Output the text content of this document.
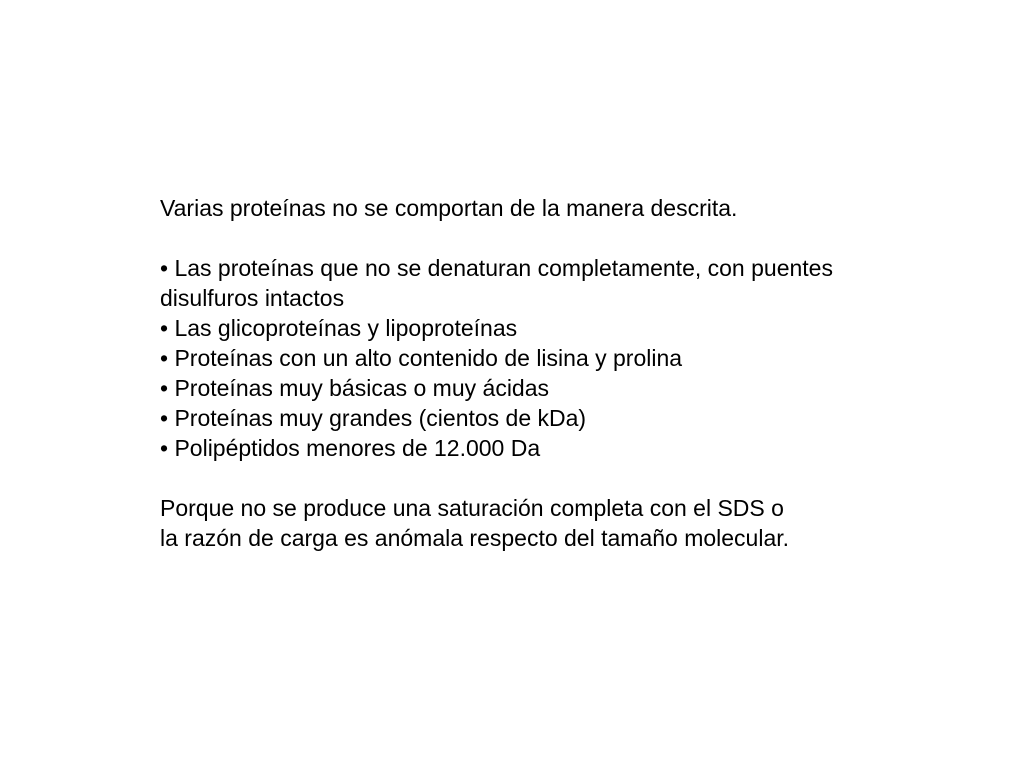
Varias proteínas no se comportan de la manera descrita.

• Las proteínas que no se denaturan completamente, con puentes disulfuros intactos
• Las glicoproteínas y lipoproteínas
• Proteínas con un alto contenido de lisina y prolina
• Proteínas muy básicas o muy ácidas
• Proteínas muy grandes (cientos de kDa)
• Polipéptidos menores de 12.000 Da

Porque no se produce una saturación completa con el SDS o

la razón de carga es anómala respecto del tamaño molecular.
